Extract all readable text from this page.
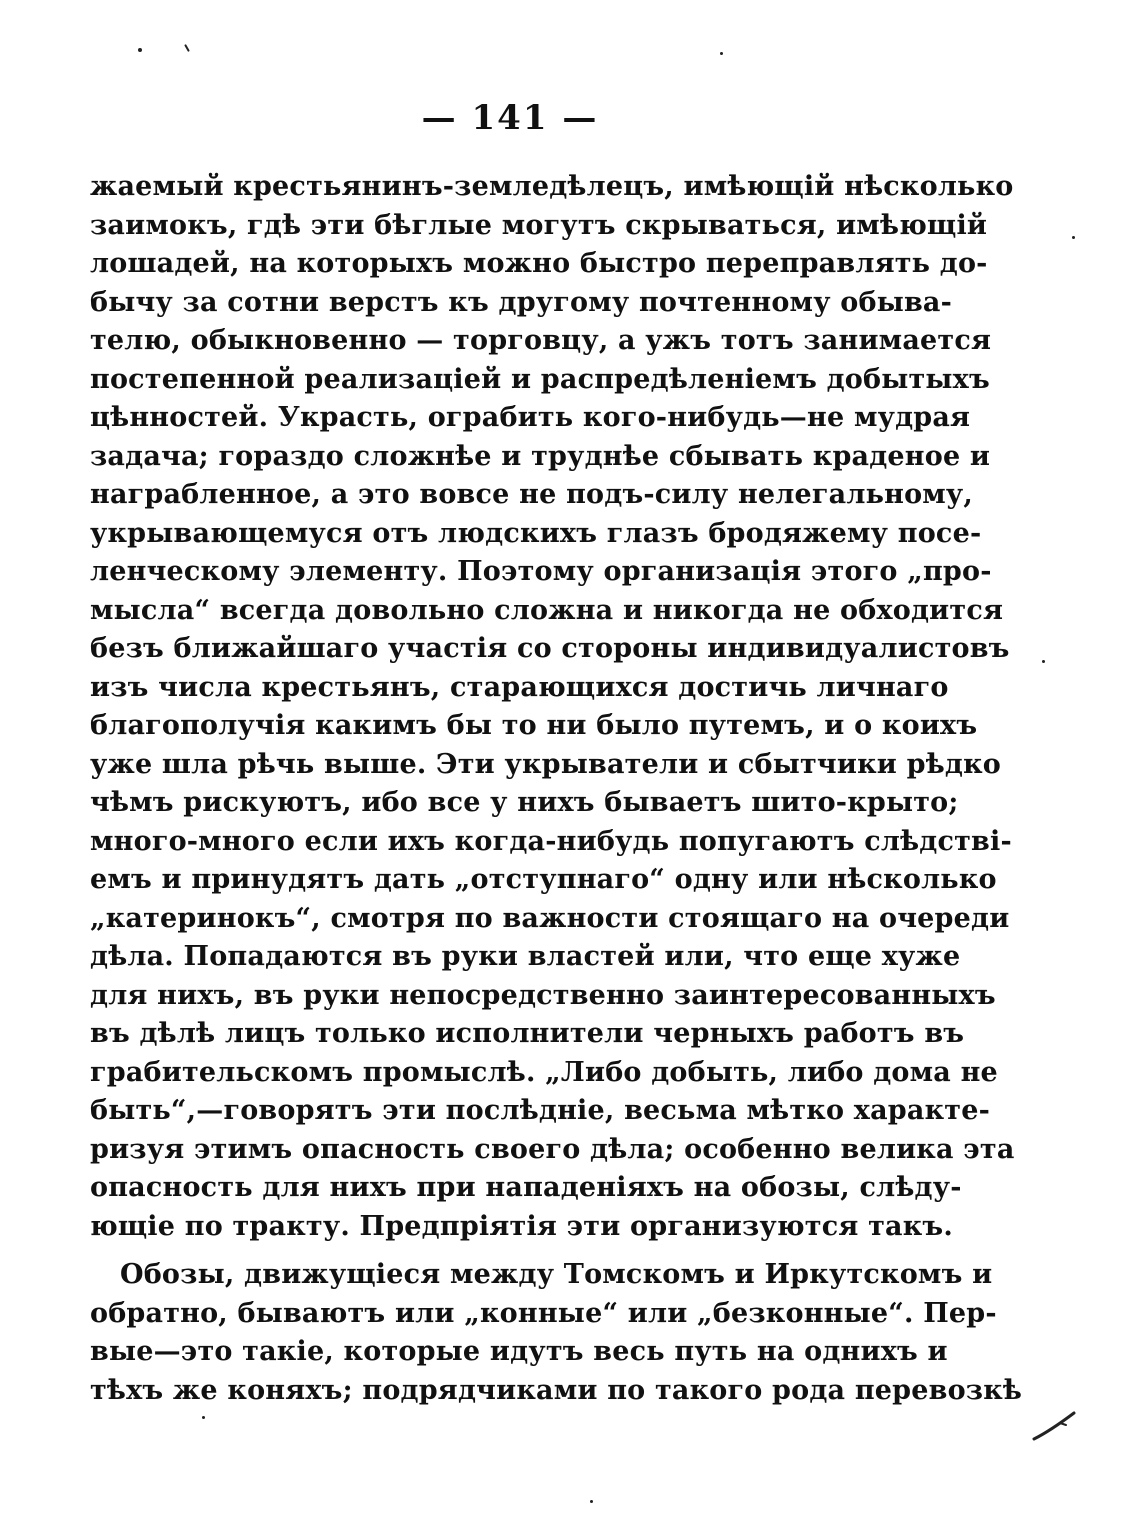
— 141 —
жаемый крестьянинъ-земледѣлецъ, имѣющій нѣсколько
заимокъ, гдѣ эти бѣглые могутъ скрываться, имѣющій
лошадей, на которыхъ можно быстро переправлять до-
бычу за сотни верстъ къ другому почтенному обыва-
телю, обыкновенно — торговцу, а ужъ тотъ занимается
постепенной реализаціей и распредѣленіемъ добытыхъ
цѣнностей. Украсть, ограбить кого-нибудь—не мудрая
задача; гораздо сложнѣе и труднѣе сбывать краденое и
награбленное, а это вовсе не подъ-силу нелегальному,
укрывающемуся отъ людскихъ глазъ бродяжему посе-
ленческому элементу. Поэтому организація этого „про-
мысла“ всегда довольно сложна и никогда не обходится
безъ ближайшаго участія со стороны индивидуалистовъ
изъ числа крестьянъ, старающихся достичь личнаго
благополучія какимъ бы то ни было путемъ, и о коихъ
уже шла рѣчь выше. Эти укрыватели и сбытчики рѣдко
чѣмъ рискуютъ, ибо все у нихъ бываетъ шито-крыто;
много-много если ихъ когда-нибудь попугаютъ слѣдстві-
емъ и принудятъ дать „отступнаго“ одну или нѣсколько
„катеринокъ“, смотря по важности стоящаго на очереди
дѣла. Попадаются въ руки властей или, что еще хуже
для нихъ, въ руки непосредственно заинтересованныхъ
въ дѣлѣ лицъ только исполнители черныхъ работъ въ
грабительскомъ промыслѣ. „Либо добыть, либо дома не
быть“,—говорятъ эти послѣдніе, весьма мѣтко характе-
ризуя этимъ опасность своего дѣла; особенно велика эта
опасность для нихъ при нападеніяхъ на обозы, слѣду-
ющіе по тракту. Предпріятія эти организуются такъ.
Обозы, движущіеся между Томскомъ и Иркутскомъ и
обратно, бываютъ или „конные“ или „безконные“. Пер-
вые—это такіе, которые идутъ весь путь на однихъ и
тѣхъ же коняхъ; подрядчиками по такого рода перевозкѣ
